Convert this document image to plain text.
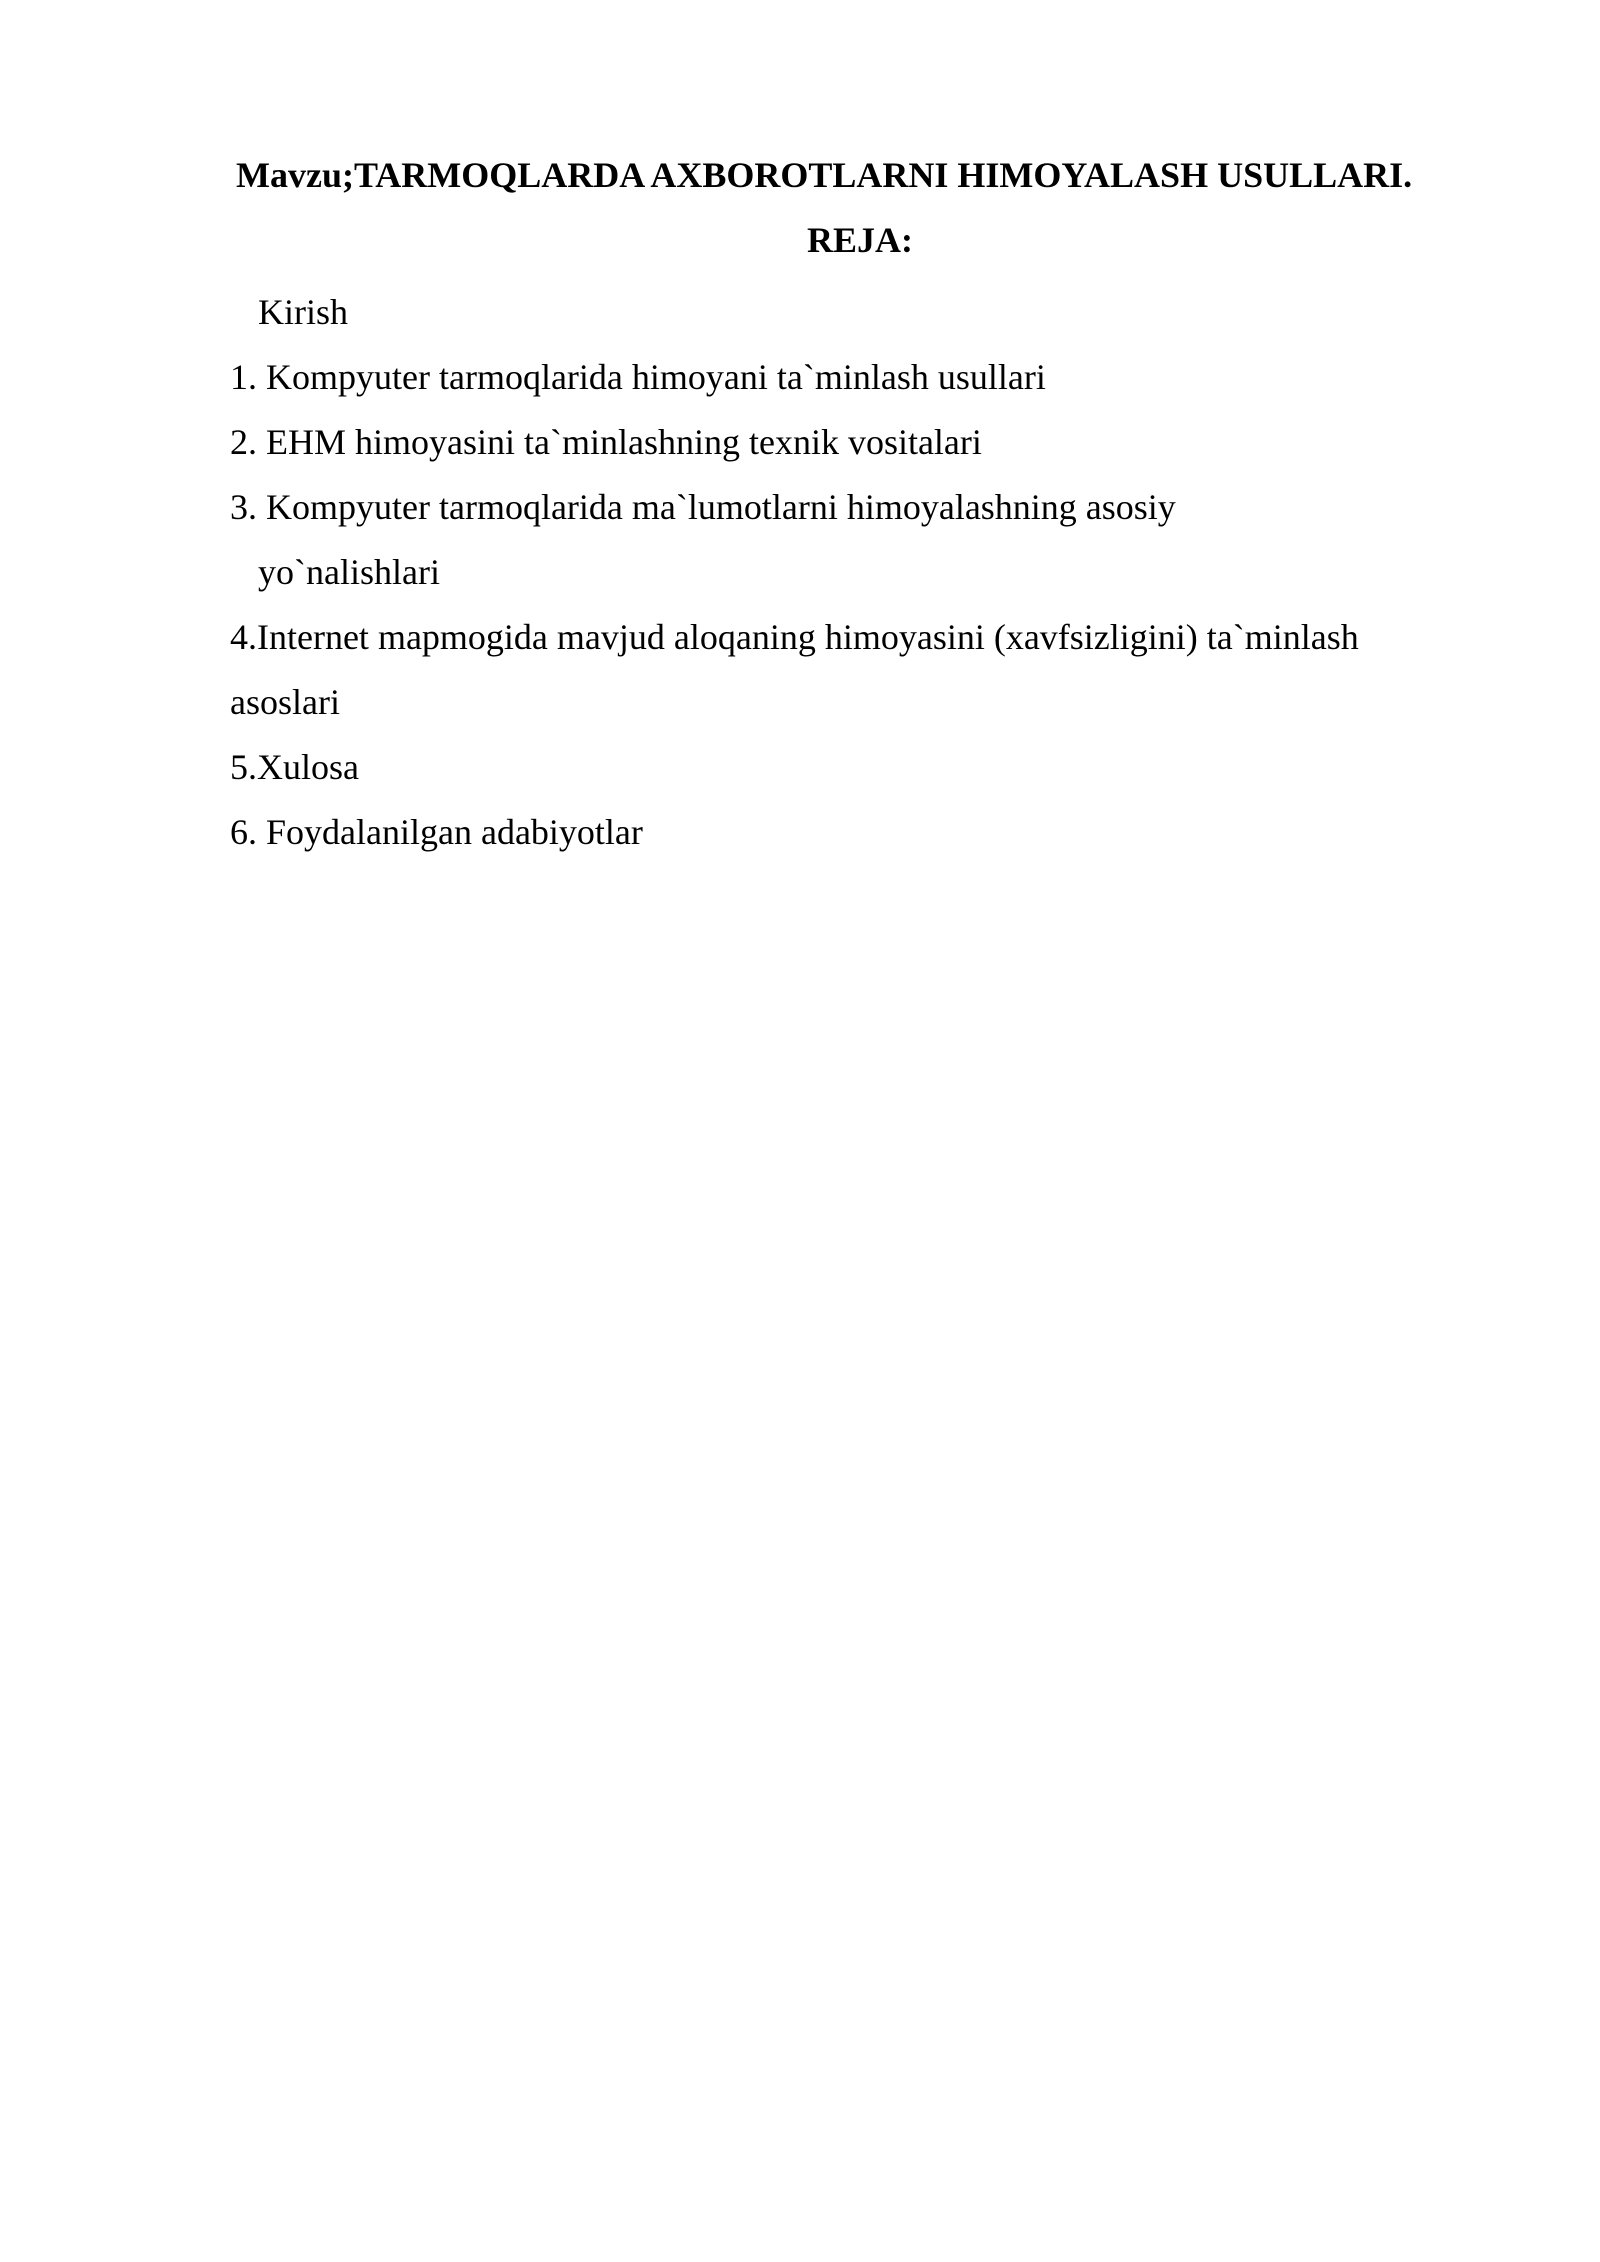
Mavzu;TARMOQLARDA AXBOROTLARNI HIMOYALASH USULLARI.
REJA:
Kirish
1. Kompyuter tarmoqlarida himoyani ta`minlash usullari
2. EHM himoyasini ta`minlashning texnik vositalari
3. Kompyuter tarmoqlarida ma`lumotlarni himoyalashning asosiy
yo`nalishlari
4.Internet mapmogida mavjud aloqaning himoyasini (xavfsizligini) ta`minlash
asoslari
5.Xulosa
6. Foydalanilgan adabiyotlar
